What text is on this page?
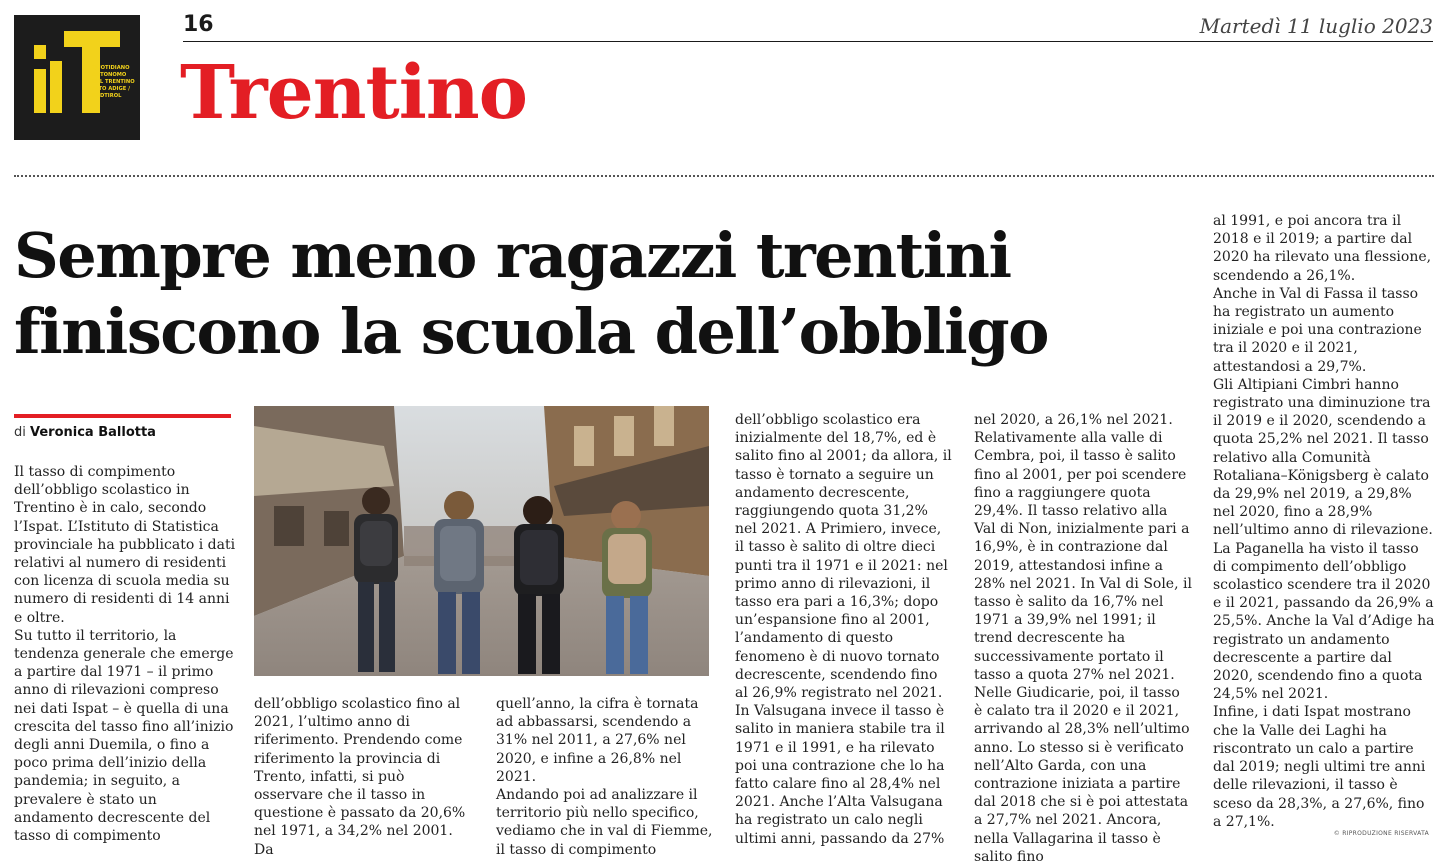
QUOTIDIANO
AUTONOMO
DEL TRENTINO
ALTO ADIGE /
SÜDTIROL
16	Martedì 11 luglio 2023
Trentino
Sempre meno ragazzi trentini
finiscono la scuola dell’obbligo
di Veronica Ballotta

Il tasso di compimento dell’obbligo scolastico in Trentino è in calo, secondo l’Ispat. L’Istituto di Statistica provinciale ha pubblicato i dati relativi al numero di residenti con licenza di scuola media su numero di residenti di 14 anni e oltre.

Su tutto il territorio, la tendenza generale che emerge a partire dal 1971 – il primo anno di rilevazioni compreso nei dati Ispat – è quella di una crescita del tasso fino all’inizio degli anni Duemila, o fino a poco prima dell’inizio della pandemia; in seguito, a prevalere è stato un andamento decrescente del tasso di compimento

dell’obbligo scolastico fino al 2021, l’ultimo anno di riferimento. Prendendo come riferimento la provincia di Trento, infatti, si può osservare che il tasso in questione è passato da 20,6% nel 1971, a 34,2% nel 2001. Da

quell’anno, la cifra è tornata ad abbassarsi, scendendo a 31% nel 2011, a 27,6% nel 2020, e infine a 26,8% nel 2021.

Andando poi ad analizzare il territorio più nello specifico, vediamo che in val di Fiemme, il tasso di compimento

dell’obbligo scolastico era inizialmente del 18,7%, ed è salito fino al 2001; da allora, il tasso è tornato a seguire un andamento decrescente, raggiungendo quota 31,2% nel 2021. A Primiero, invece, il tasso è salito di oltre dieci punti tra il 1971 e il 2021: nel primo anno di rilevazioni, il tasso era pari a 16,3%; dopo un’espansione fino al 2001, l’andamento di questo fenomeno è di nuovo tornato decrescente, scendendo fino al 26,9% registrato nel 2021.

In Valsugana invece il tasso è salito in maniera stabile tra il 1971 e il 1991, e ha rilevato poi una contrazione che lo ha fatto calare fino al 28,4% nel 2021. Anche l’Alta Valsugana ha registrato un calo negli ultimi anni, passando da 27%

nel 2020, a 26,1% nel 2021.

Relativamente alla valle di Cembra, poi, il tasso è salito fino al 2001, per poi scendere fino a raggiungere quota 29,4%. Il tasso relativo alla Val di Non, inizialmente pari a 16,9%, è in contrazione dal 2019, attestandosi infine a 28% nel 2021. In Val di Sole, il tasso è salito da 16,7% nel 1971 a 39,9% nel 1991; il trend decrescente ha successivamente portato il tasso a quota 27% nel 2021.

Nelle Giudicarie, poi, il tasso è calato tra il 2020 e il 2021, arrivando al 28,3% nell’ultimo anno. Lo stesso si è verificato nell’Alto Garda, con una contrazione iniziata a partire dal 2018 che si è poi attestata a 27,7% nel 2021. Ancora, nella Vallagarina il tasso è salito fino

al 1991, e poi ancora tra il 2018 e il 2019; a partire dal 2020 ha rilevato una flessione, scendendo a 26,1%.

Anche in Val di Fassa il tasso ha registrato un aumento iniziale e poi una contrazione tra il 2020 e il 2021, attestandosi a 29,7%.

Gli Altipiani Cimbri hanno registrato una diminuzione tra il 2019 e il 2020, scendendo a quota 25,2% nel 2021. Il tasso relativo alla Comunità Rotaliana–Königsberg è calato da 29,9% nel 2019, a 29,8% nel 2020, fino a 28,9% nell’ultimo anno di rilevazione. La Paganella ha visto il tasso di compimento dell’obbligo scolastico scendere tra il 2020 e il 2021, passando da 26,9% a 25,5%. Anche la Val d’Adige ha registrato un andamento decrescente a partire dal 2020, scendendo fino a quota 24,5% nel 2021.

Infine, i dati Ispat mostrano che la Valle dei Laghi ha riscontrato un calo a partire dal 2019; negli ultimi tre anni delle rilevazioni, il tasso è sceso da 28,3%, a 27,6%, fino a 27,1%.

© RIPRODUZIONE RISERVATA
